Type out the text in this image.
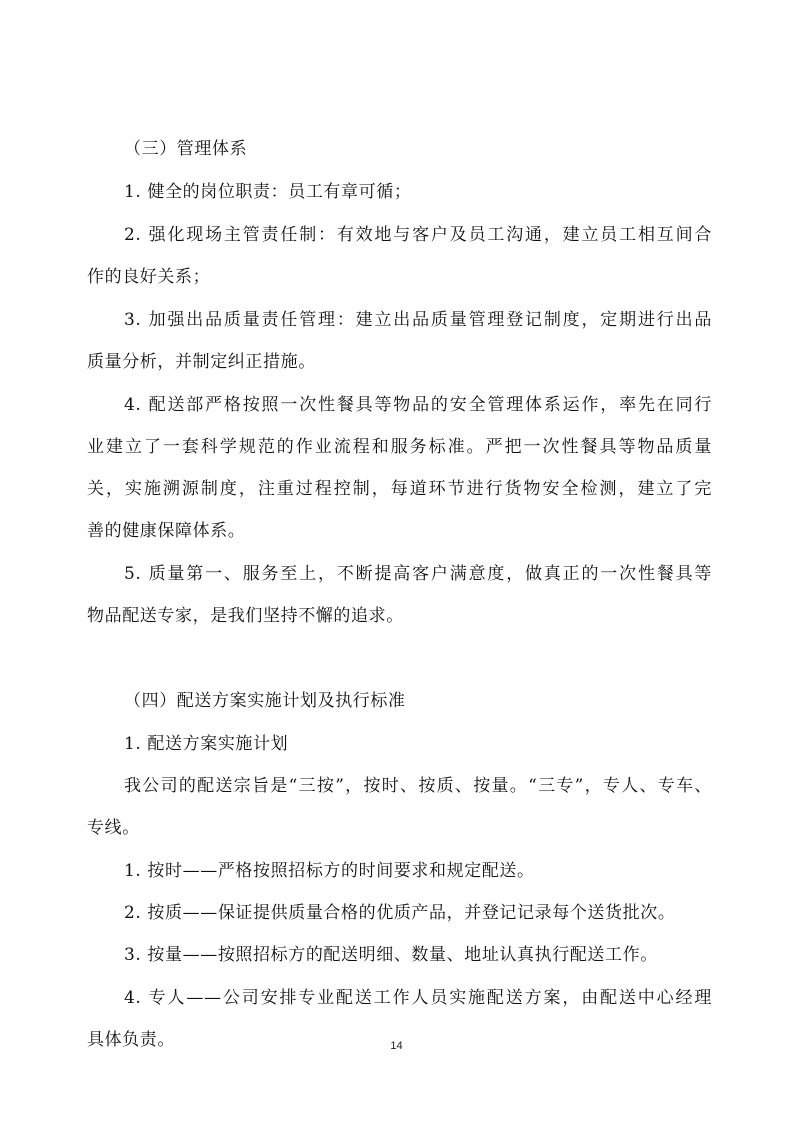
（三）管理体系
1. 健全的岗位职责：员工有章可循；
2. 强化现场主管责任制：有效地与客户及员工沟通，建立员工相互间合
作的良好关系；
3. 加强出品质量责任管理：建立出品质量管理登记制度，定期进行出品
质量分析，并制定纠正措施。
4. 配送部严格按照一次性餐具等物品的安全管理体系运作，率先在同行
业建立了一套科学规范的作业流程和服务标准。严把一次性餐具等物品质量
关，实施溯源制度，注重过程控制，每道环节进行货物安全检测，建立了完
善的健康保障体系。
5. 质量第一、服务至上，不断提高客户满意度，做真正的一次性餐具等
物品配送专家，是我们坚持不懈的追求。
（四）配送方案实施计划及执行标准
1. 配送方案实施计划
我公司的配送宗旨是“三按”，按时、按质、按量。“三专”，专人、专车、
专线。
1. 按时——严格按照招标方的时间要求和规定配送。
2. 按质——保证提供质量合格的优质产品，并登记记录每个送货批次。
3. 按量——按照招标方的配送明细、数量、地址认真执行配送工作。
4. 专人——公司安排专业配送工作人员实施配送方案，由配送中心经理
具体负责。	14
